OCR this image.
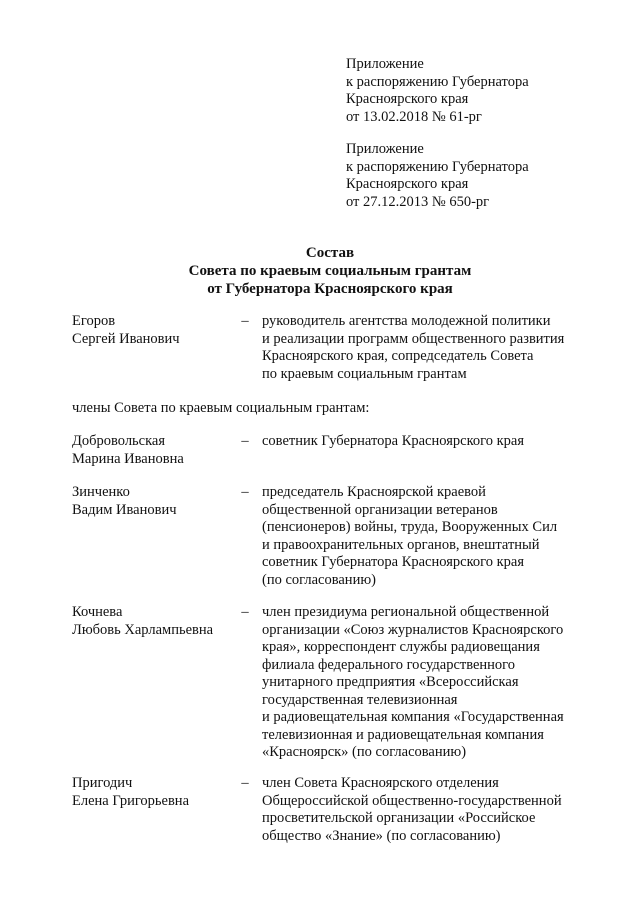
Приложение
к распоряжению Губернатора
Красноярского края
от 13.02.2018 № 61-рг
Приложение
к распоряжению Губернатора
Красноярского края
от 27.12.2013 № 650-рг
Состав
Совета по краевым социальным грантам
от Губернатора Красноярского края
Егоров
Сергей Иванович
– руководитель агентства молодежной политики
и реализации программ общественного развития
Красноярского края, сопредседатель Совета
по краевым социальным грантам
члены Совета по краевым социальным грантам:
Добровольская
Марина Ивановна
– советник Губернатора Красноярского края
Зинченко
Вадим Иванович
– председатель Красноярской краевой
общественной организации ветеранов
(пенсионеров) войны, труда, Вооруженных Сил
и правоохранительных органов, внештатный
советник Губернатора Красноярского края
(по согласованию)
Кочнева
Любовь Харлампьевна
– член президиума региональной общественной
организации «Союз журналистов Красноярского
края», корреспондент службы радиовещания
филиала федерального государственного
унитарного предприятия «Всероссийская
государственная телевизионная
и радиовещательная компания «Государственная
телевизионная и радиовещательная компания
«Красноярск» (по согласованию)
Пригодич
Елена Григорьевна
– член Совета Красноярского отделения
Общероссийской общественно-государственной
просветительской организации «Российское
общество «Знание» (по согласованию)
